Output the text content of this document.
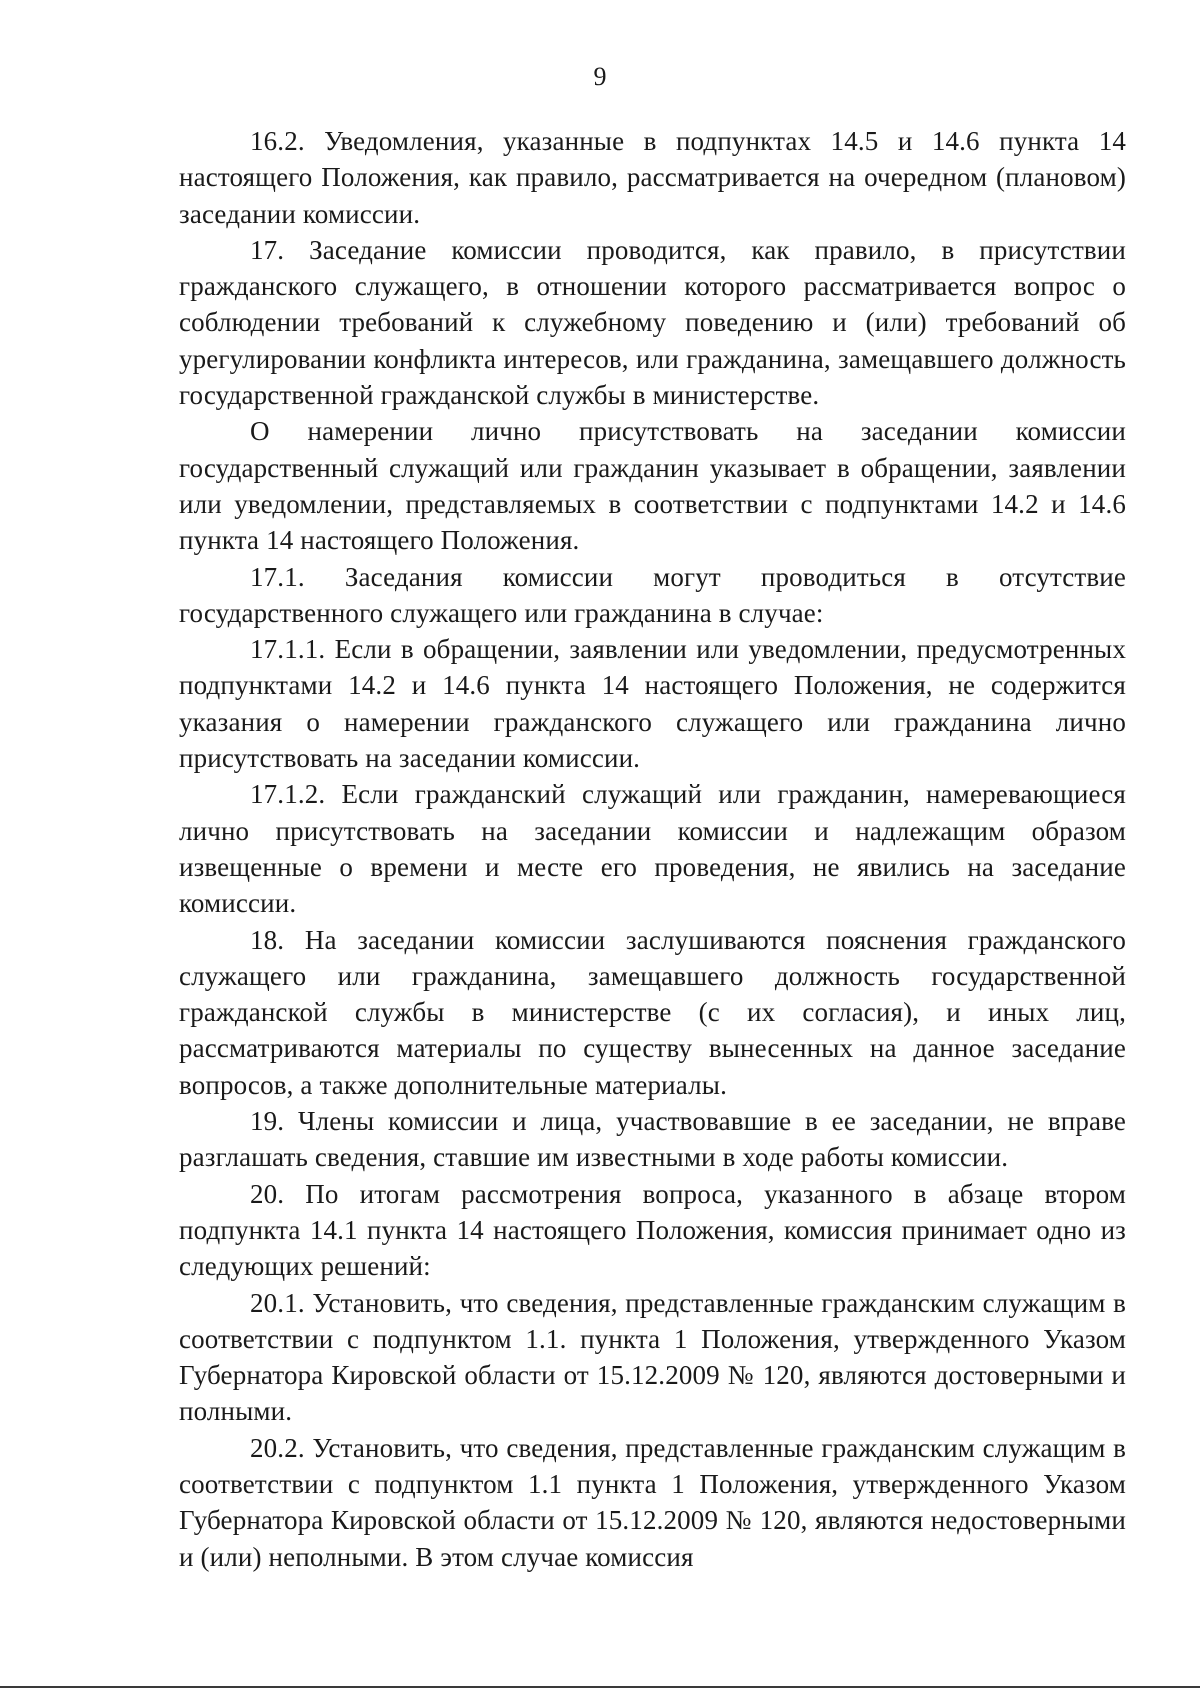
9

16.2. Уведомления, указанные в подпунктах 14.5 и 14.6 пункта 14 настоящего Положения, как правило, рассматривается на очередном (плановом) заседании комиссии.

17. Заседание комиссии проводится, как правило, в присутствии гражданского служащего, в отношении которого рассматривается вопрос о соблюдении требований к служебному поведению и (или) требований об урегулировании конфликта интересов, или гражданина, замещавшего должность государственной гражданской службы в министерстве.

О намерении лично присутствовать на заседании комиссии государственный служащий или гражданин указывает в обращении, заявлении или уведомлении, представляемых в соответствии с подпунктами 14.2 и 14.6 пункта 14 настоящего Положения.

17.1. Заседания комиссии могут проводиться в отсутствие государственного служащего или гражданина в случае:

17.1.1. Если в обращении, заявлении или уведомлении, предусмотренных подпунктами 14.2 и 14.6 пункта 14 настоящего Положения, не содержится указания о намерении гражданского служащего или гражданина лично присутствовать на заседании комиссии.

17.1.2. Если гражданский служащий или гражданин, намеревающиеся лично присутствовать на заседании комиссии и надлежащим образом извещенные о времени и месте его проведения, не явились на заседание комиссии.

18. На заседании комиссии заслушиваются пояснения гражданского служащего или гражданина, замещавшего должность государственной гражданской службы в министерстве (с их согласия), и иных лиц, рассматриваются материалы по существу вынесенных на данное заседание вопросов, а также дополнительные материалы.

19. Члены комиссии и лица, участвовавшие в ее заседании, не вправе разглашать сведения, ставшие им известными в ходе работы комиссии.

20. По итогам рассмотрения вопроса, указанного в абзаце втором подпункта 14.1 пункта 14 настоящего Положения, комиссия принимает одно из следующих решений:

20.1. Установить, что сведения, представленные гражданским служащим в соответствии с подпунктом 1.1. пункта 1 Положения, утвержденного Указом Губернатора Кировской области от 15.12.2009 № 120, являются достоверными и полными.

20.2. Установить, что сведения, представленные гражданским служащим в соответствии с подпунктом 1.1 пункта 1 Положения, утвержденного Указом Губернатора Кировской области от 15.12.2009 № 120, являются недостоверными и (или) неполными. В этом случае комиссия
